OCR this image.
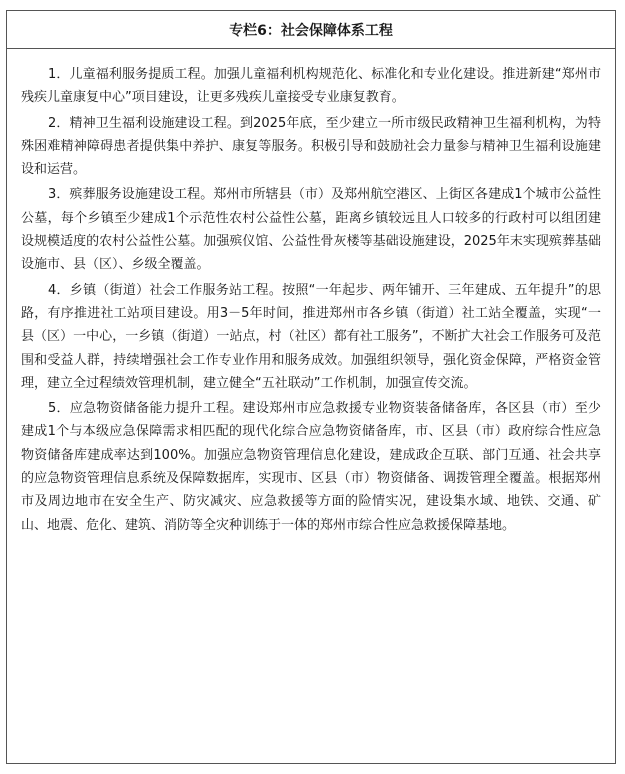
专栏6：社会保障体系工程

1．儿童福利服务提质工程。加强儿童福利机构规范化、标准化和专业化建设。推进新建“郑州市残疾儿童康复中心”项目建设，让更多残疾儿童接受专业康复教育。

2．精神卫生福利设施建设工程。到2025年底，至少建立一所市级民政精神卫生福利机构，为特殊困难精神障碍患者提供集中养护、康复等服务。积极引导和鼓励社会力量参与精神卫生福利设施建设和运营。

3．殡葬服务设施建设工程。郑州市所辖县（市）及郑州航空港区、上街区各建成1个城市公益性公墓，每个乡镇至少建成1个示范性农村公益性公墓，距离乡镇较远且人口较多的行政村可以组团建设规模适度的农村公益性公墓。加强殡仪馆、公益性骨灰楼等基础设施建设，2025年末实现殡葬基础设施市、县（区）、乡级全覆盖。

4．乡镇（街道）社会工作服务站工程。按照“一年起步、两年铺开、三年建成、五年提升”的思路，有序推进社工站项目建设。用3－5年时间，推进郑州市各乡镇（街道）社工站全覆盖，实现“一县（区）一中心，一乡镇（街道）一站点，村（社区）都有社工服务”，不断扩大社会工作服务可及范围和受益人群，持续增强社会工作专业作用和服务成效。加强组织领导，强化资金保障，严格资金管理，建立全过程绩效管理机制，建立健全“五社联动”工作机制，加强宣传交流。

5．应急物资储备能力提升工程。建设郑州市应急救援专业物资装备储备库，各区县（市）至少建成1个与本级应急保障需求相匹配的现代化综合应急物资储备库，市、区县（市）政府综合性应急物资储备库建成率达到100%。加强应急物资管理信息化建设，建成政企互联、部门互通、社会共享的应急物资管理信息系统及保障数据库，实现市、区县（市）物资储备、调拨管理全覆盖。根据郑州市及周边地市在安全生产、防灾减灾、应急救援等方面的险情实况，建设集水域、地铁、交通、矿山、地震、危化、建筑、消防等全灾种训练于一体的郑州市综合性应急救援保障基地。
